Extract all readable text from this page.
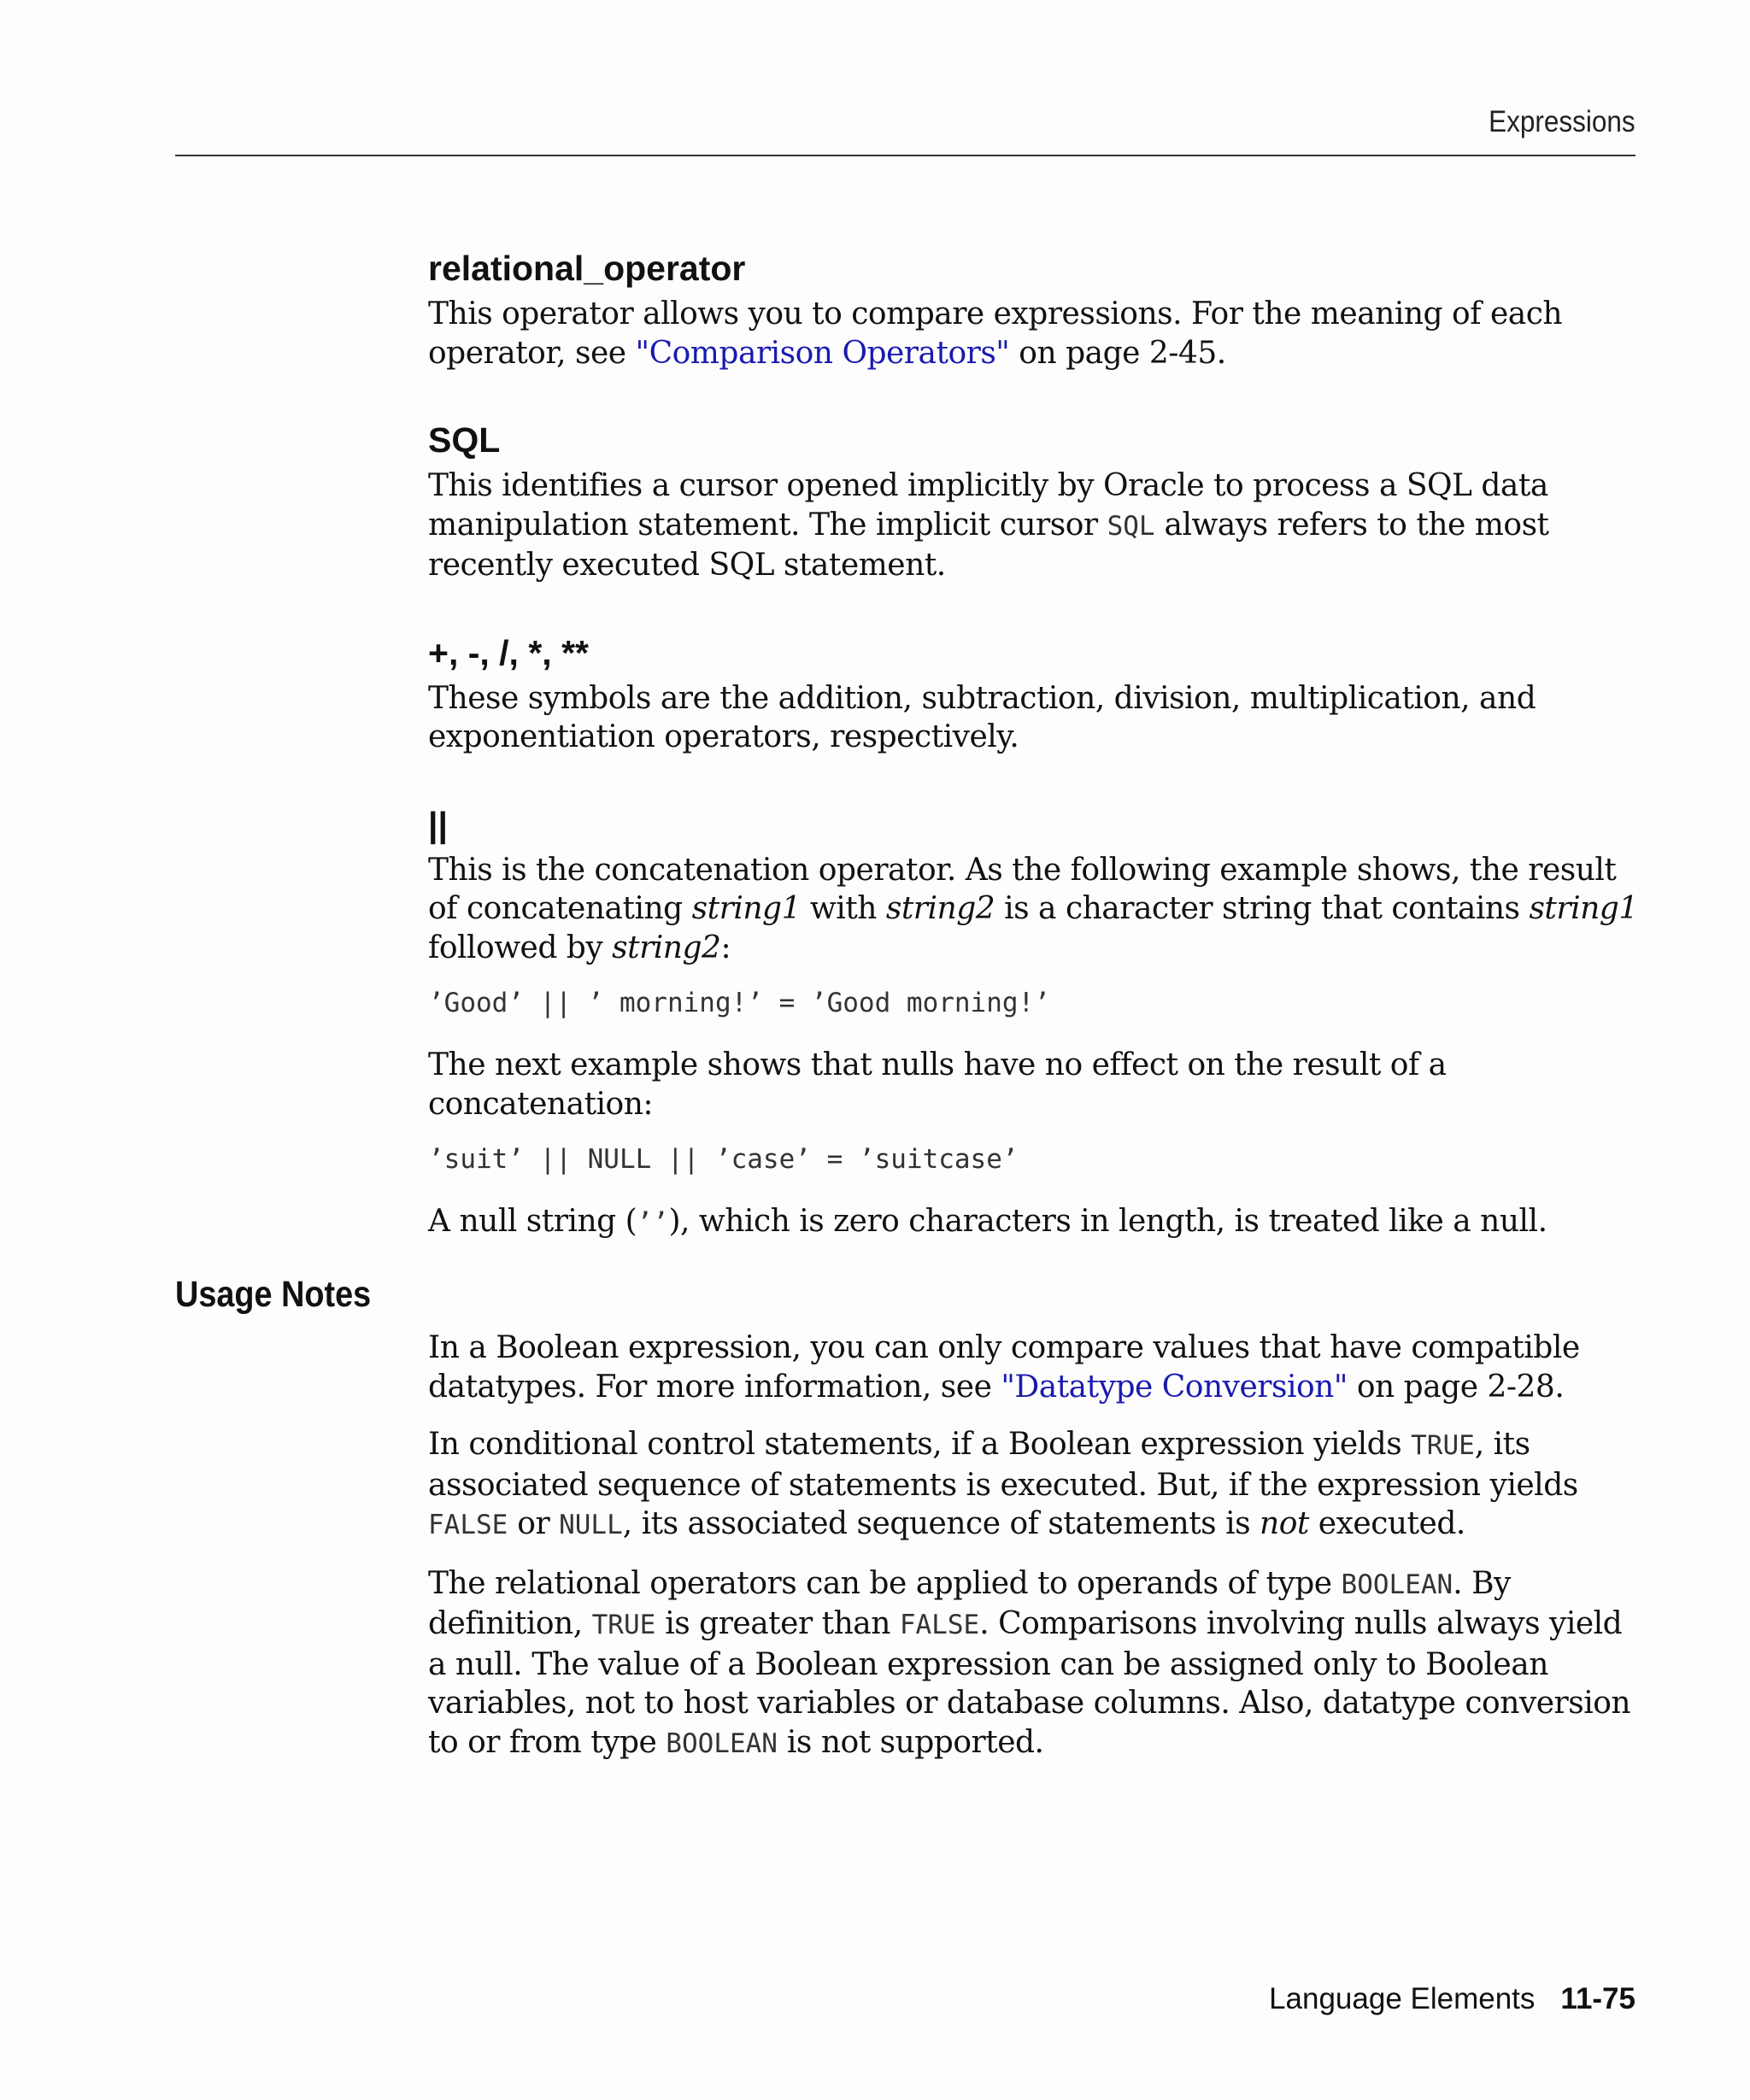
Expressions
relational_operator

This operator allows you to compare expressions. For the meaning of each operator, see "Comparison Operators" on page 2-45.

SQL

This identifies a cursor opened implicitly by Oracle to process a SQL data manipulation statement. The implicit cursor SQL always refers to the most recently executed SQL statement.

+, -, /, *, **

These symbols are the addition, subtraction, division, multiplication, and exponentiation operators, respectively.

||

This is the concatenation operator. As the following example shows, the result of concatenating string1 with string2 is a character string that contains string1 followed by string2:

’Good’ || ’ morning!’ = ’Good morning!’

The next example shows that nulls have no effect on the result of a concatenation:

’suit’ || NULL || ’case’ = ’suitcase’

A null string (’’), which is zero characters in length, is treated like a null.

Usage Notes

In a Boolean expression, you can only compare values that have compatible datatypes. For more information, see "Datatype Conversion" on page 2-28.

In conditional control statements, if a Boolean expression yields TRUE, its associated sequence of statements is executed. But, if the expression yields FALSE or NULL, its associated sequence of statements is not executed.

The relational operators can be applied to operands of type BOOLEAN. By definition, TRUE is greater than FALSE. Comparisons involving nulls always yield a null. The value of a Boolean expression can be assigned only to Boolean variables, not to host variables or database columns. Also, datatype conversion to or from type BOOLEAN is not supported.

Language Elements 11-75
